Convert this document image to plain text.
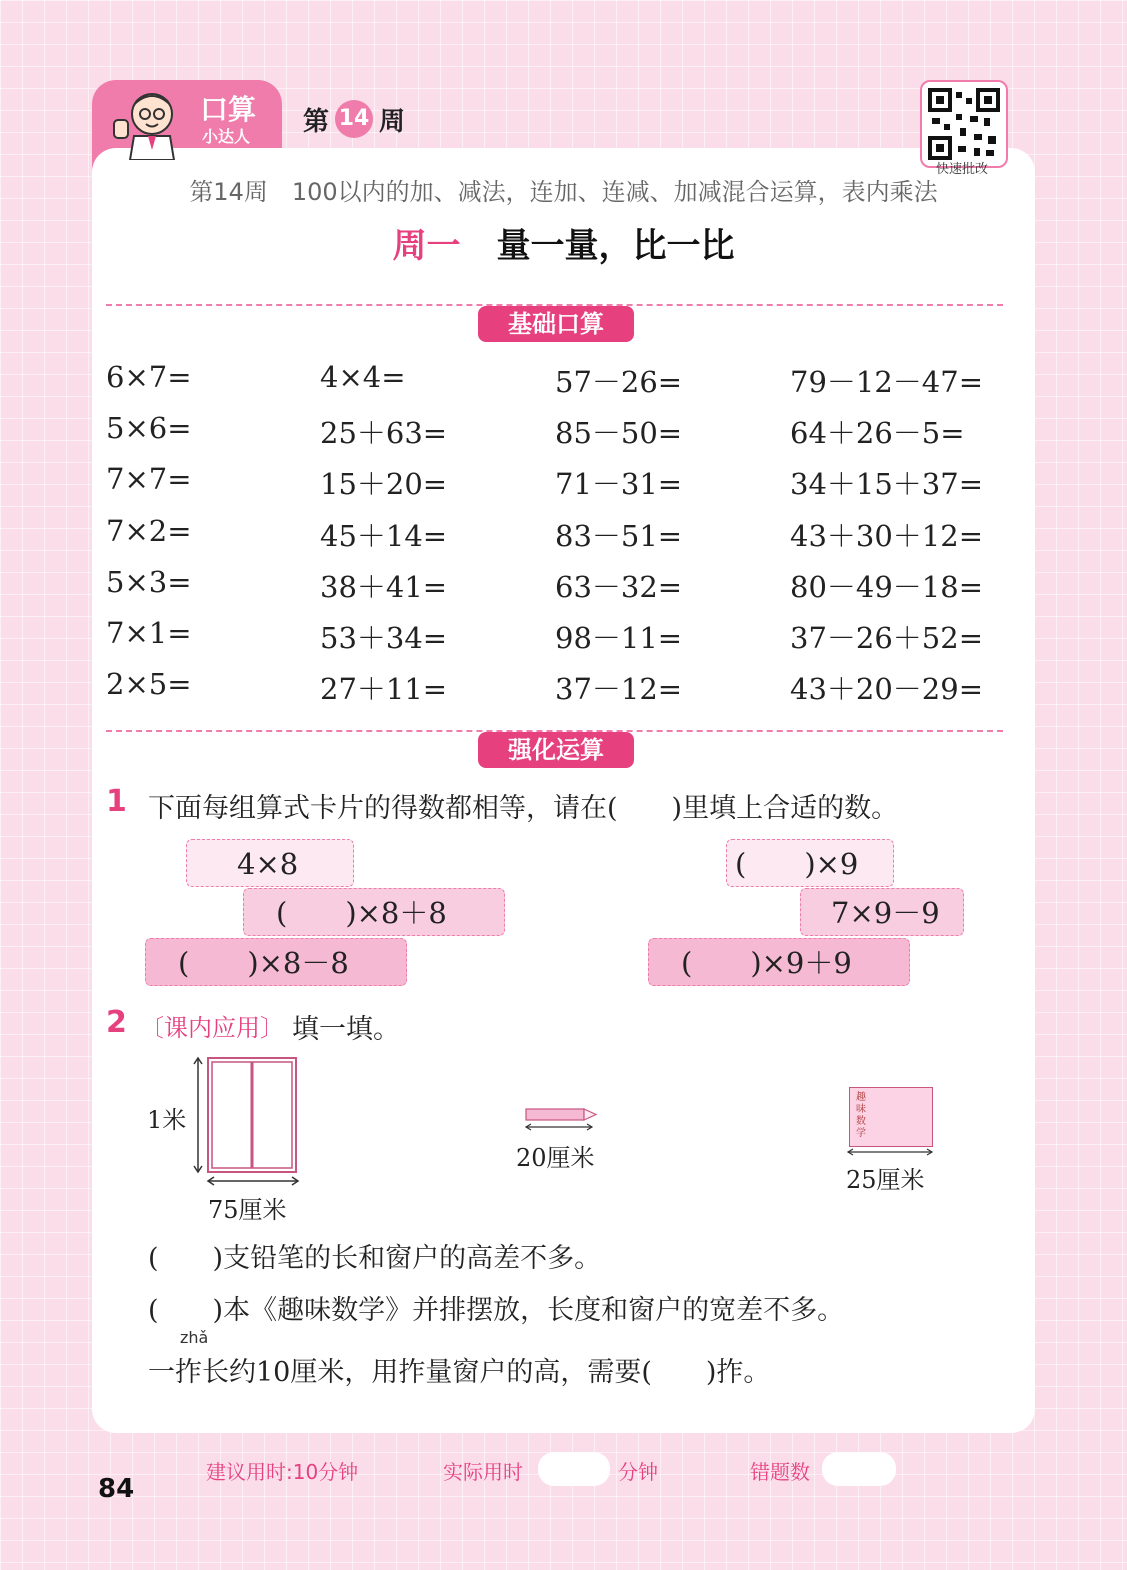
口算
小达人 第 14 周
快速批改
第14周　100以内的加、减法，连加、连减、加减混合运算，表内乘法
周一 量一量，比一比
基础口算
6×7=	4×4=	57－26=	79－12－47=
5×6=	25＋63=	85－50=	64＋26－5=
7×7=	15＋20=	71－31=	34＋15＋37=
7×2=	45＋14=	83－51=	43＋30＋12=
5×3=	38＋41=	63－32=	80－49－18=
7×1=	53＋34=	98－11=	37－26＋52=
2×5=	27＋11=	37－12=	43＋20－29=
强化运算
1 下面每组算式卡片的得数都相等，请在(　　)里填上合适的数。
4×8
(　　)×8＋8
(　　)×8－8
(　　)×9
7×9－9
(　　)×9＋9
2 〔课内应用〕 填一填。
1米
75厘米
20厘米
趣味数学
25厘米
(　　)支铅笔的长和窗户的高差不多。
(　　)本《趣味数学》并排摆放，长度和窗户的宽差不多。
zhǎ
一拃长约10厘米，用拃量窗户的高，需要(　　)拃。
84
建议用时:10分钟	实际用时	分钟	错题数
